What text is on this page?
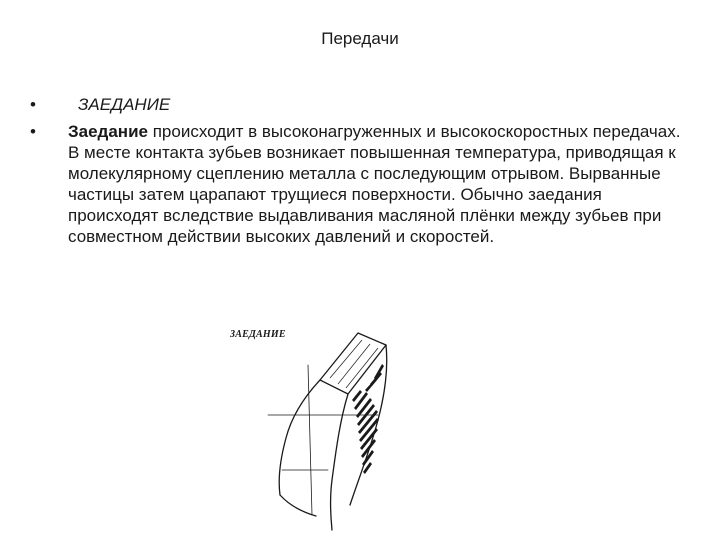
Передачи
•	ЗАЕДАНИЕ
•	Заедание происходит в высоконагруженных и высокоскоростных передачах. В месте контакта зубьев возникает повышенная температура, приводящая к молекулярному сцеплению металла с последующим отрывом. Вырванные частицы затем царапают трущиеся поверхности. Обычно заедания происходят вследствие выдавливания масляной плёнки между зубьев при совместном действии высоких давлений и скоростей.
ЗАЕДАНИЕ
